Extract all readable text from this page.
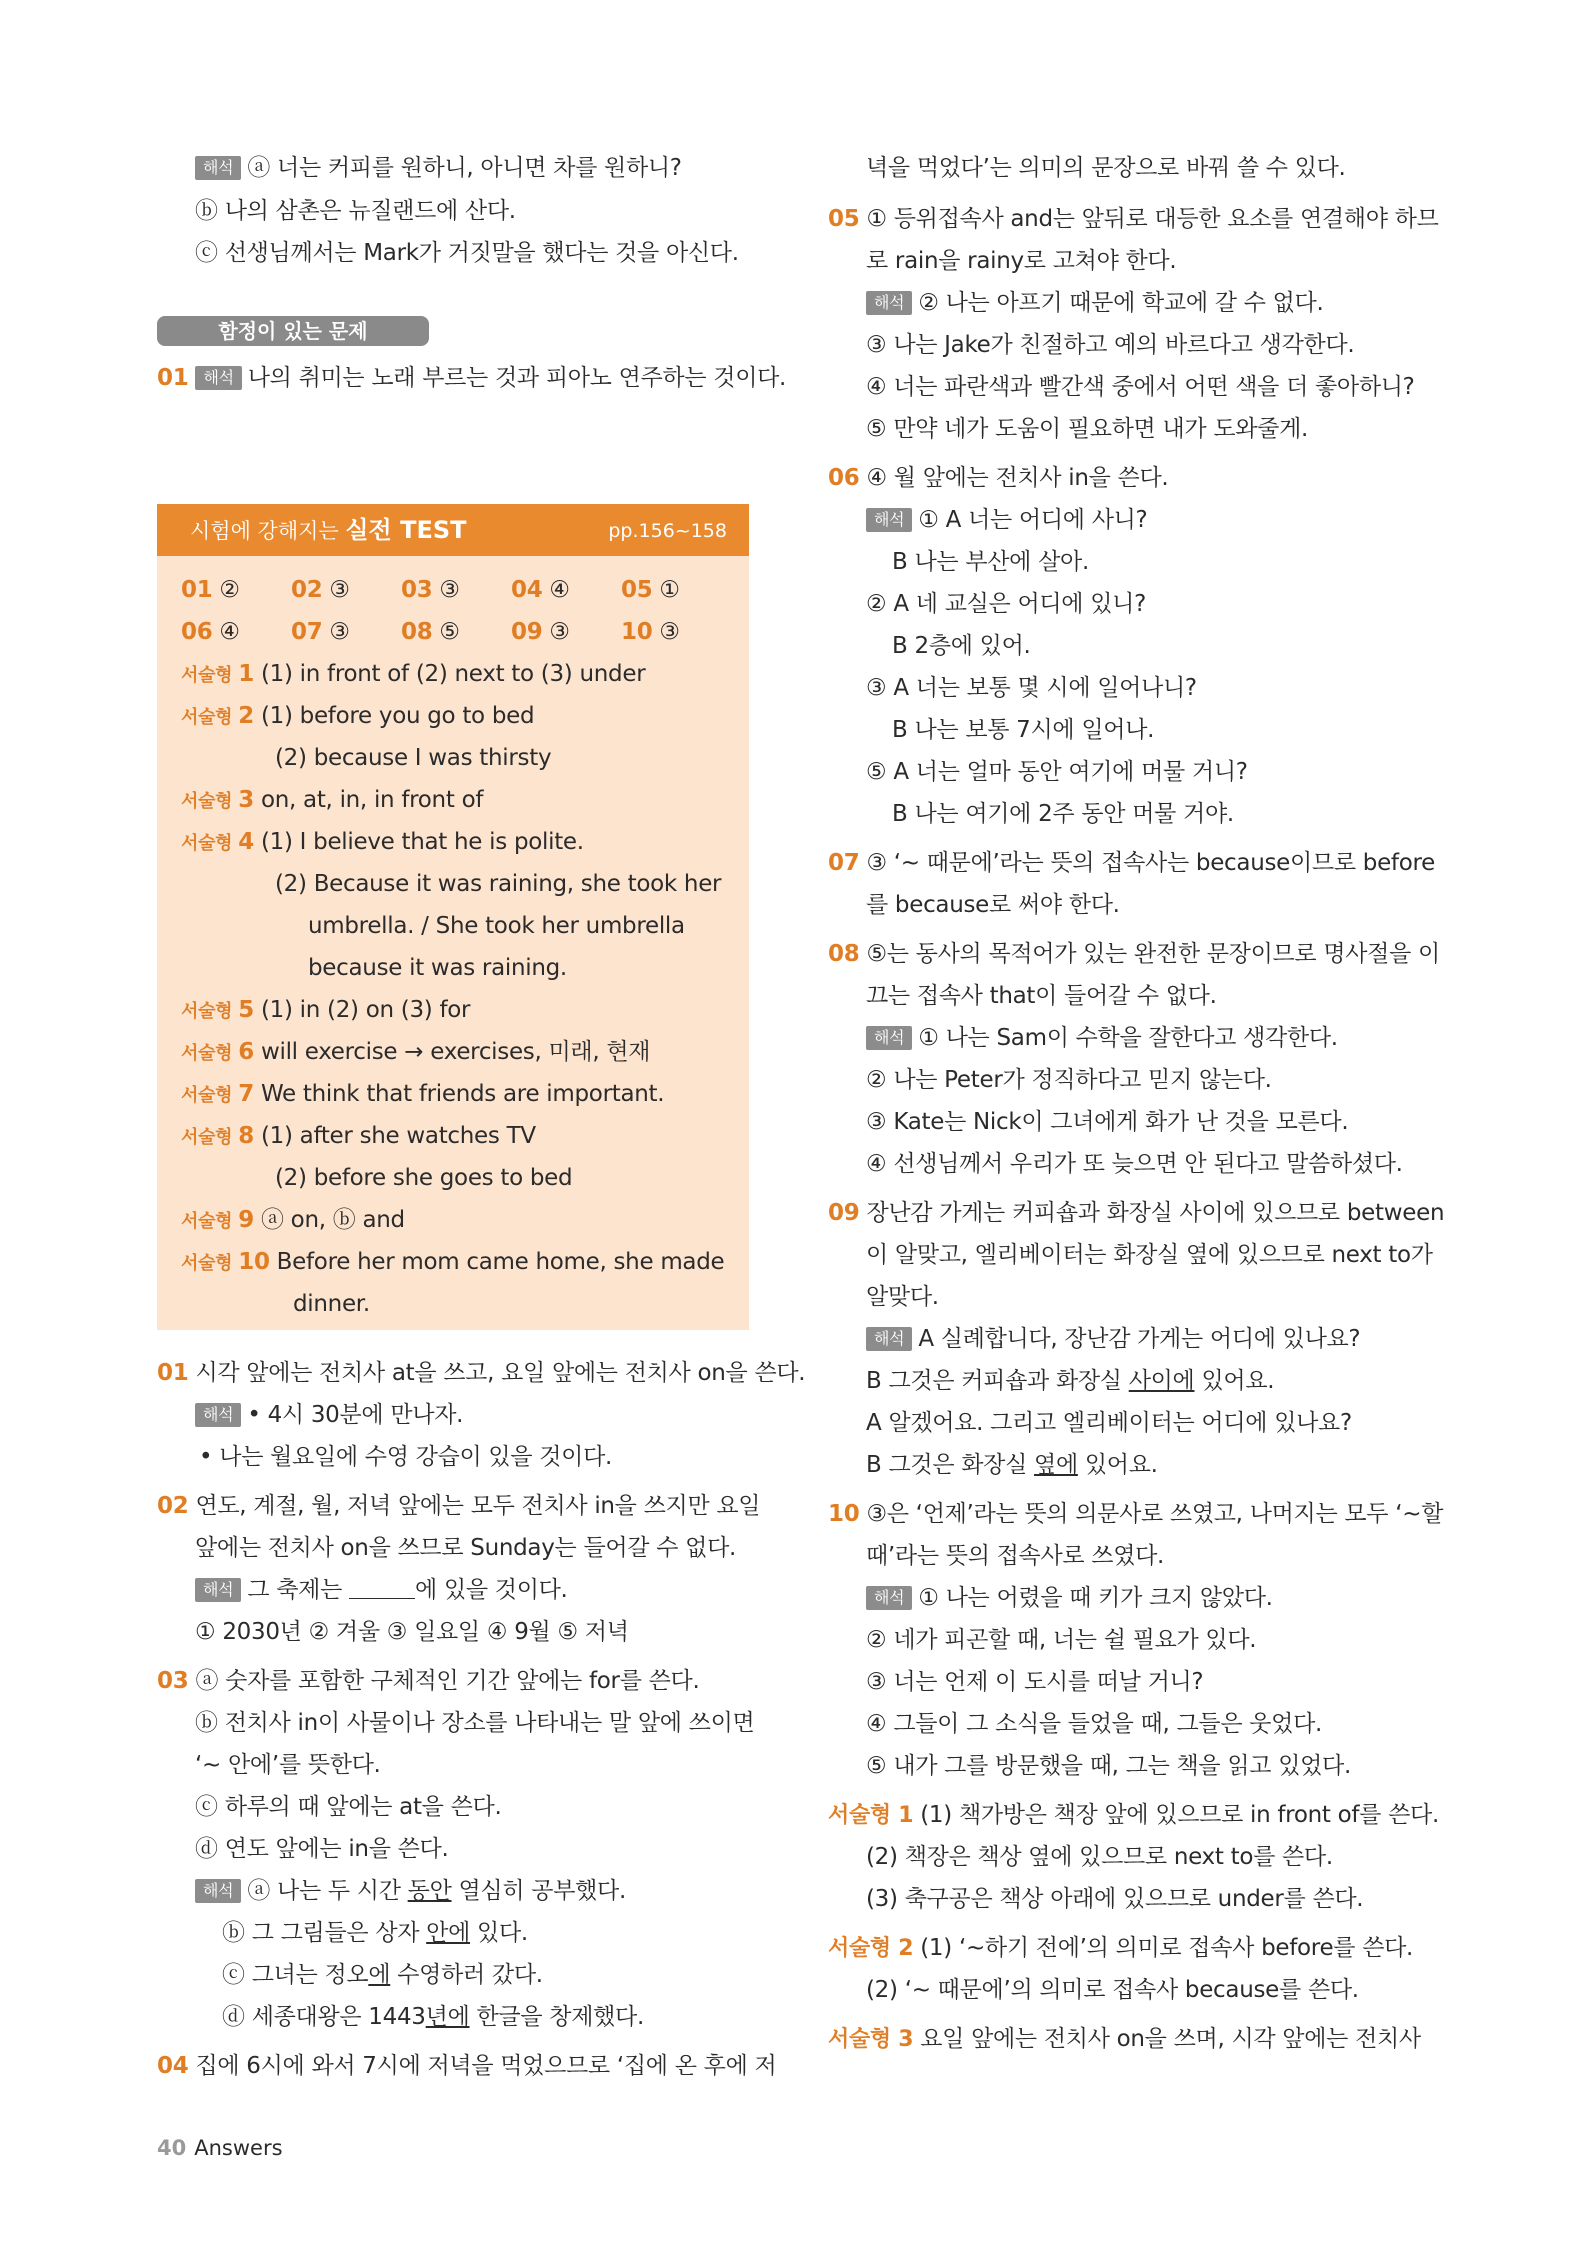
해석 ⓐ 너는 커피를 원하니, 아니면 차를 원하니?
ⓑ 나의 삼촌은 뉴질랜드에 산다.
ⓒ 선생님께서는 Mark가 거짓말을 했다는 것을 아신다.
함정이 있는 문제
01 해석 나의 취미는 노래 부르는 것과 피아노 연주하는 것이다.
시험에 강해지는 실전 TEST	pp.156~158
01 ② 02 ③ 03 ③ 04 ④ 05 ①
06 ④ 07 ③ 08 ⑤ 09 ③ 10 ③
서술형 1 (1) in front of (2) next to (3) under
서술형 2 (1) before you go to bed
(2) because I was thirsty
서술형 3 on, at, in, in front of
서술형 4 (1) I believe that he is polite.
(2) Because it was raining, she took her
umbrella. / She took her umbrella
because it was raining.
서술형 5 (1) in (2) on (3) for
서술형 6 will exercise → exercises, 미래, 현재
서술형 7 We think that friends are important.
서술형 8 (1) after she watches TV
(2) before she goes to bed
서술형 9 ⓐ on, ⓑ and
서술형 10 Before her mom came home, she made
dinner.
01 시각 앞에는 전치사 at을 쓰고, 요일 앞에는 전치사 on을 쓴다.
해석 • 4시 30분에 만나자.
• 나는 월요일에 수영 강습이 있을 것이다.
02 연도, 계절, 월, 저녁 앞에는 모두 전치사 in을 쓰지만 요일
앞에는 전치사 on을 쓰므로 Sunday는 들어갈 수 없다.
해석 그 축제는	에 있을 것이다.
① 2030년 ② 겨울 ③ 일요일 ④ 9월 ⑤ 저녁
03 ⓐ 숫자를 포함한 구체적인 기간 앞에는 for를 쓴다.
ⓑ 전치사 in이 사물이나 장소를 나타내는 말 앞에 쓰이면
‘~ 안에’를 뜻한다.
ⓒ 하루의 때 앞에는 at을 쓴다.
ⓓ 연도 앞에는 in을 쓴다.
해석 ⓐ 나는 두 시간 동안 열심히 공부했다.
ⓑ 그 그림들은 상자 안에 있다.
ⓒ 그녀는 정오에 수영하러 갔다.
ⓓ 세종대왕은 1443년에 한글을 창제했다.
04 집에 6시에 와서 7시에 저녁을 먹었으므로 ‘집에 온 후에 저
녁을 먹었다’는 의미의 문장으로 바꿔 쓸 수 있다.
05 ① 등위접속사 and는 앞뒤로 대등한 요소를 연결해야 하므
로 rain을 rainy로 고쳐야 한다.
해석 ② 나는 아프기 때문에 학교에 갈 수 없다.
③ 나는 Jake가 친절하고 예의 바르다고 생각한다.
④ 너는 파란색과 빨간색 중에서 어떤 색을 더 좋아하니?
⑤ 만약 네가 도움이 필요하면 내가 도와줄게.
06 ④ 월 앞에는 전치사 in을 쓴다.
해석 ① A 너는 어디에 사니?
B 나는 부산에 살아.
② A 네 교실은 어디에 있니?
B 2층에 있어.
③ A 너는 보통 몇 시에 일어나니?
B 나는 보통 7시에 일어나.
⑤ A 너는 얼마 동안 여기에 머물 거니?
B 나는 여기에 2주 동안 머물 거야.
07 ③ ‘~ 때문에’라는 뜻의 접속사는 because이므로 before
를 because로 써야 한다.
08 ⑤는 동사의 목적어가 있는 완전한 문장이므로 명사절을 이
끄는 접속사 that이 들어갈 수 없다.
해석 ① 나는 Sam이 수학을 잘한다고 생각한다.
② 나는 Peter가 정직하다고 믿지 않는다.
③ Kate는 Nick이 그녀에게 화가 난 것을 모른다.
④ 선생님께서 우리가 또 늦으면 안 된다고 말씀하셨다.
09 장난감 가게는 커피숍과 화장실 사이에 있으므로 between
이 알맞고, 엘리베이터는 화장실 옆에 있으므로 next to가
알맞다.
해석 A 실례합니다, 장난감 가게는 어디에 있나요?
B 그것은 커피숍과 화장실 사이에 있어요.
A 알겠어요. 그리고 엘리베이터는 어디에 있나요?
B 그것은 화장실 옆에 있어요.
10 ③은 ‘언제’라는 뜻의 의문사로 쓰였고, 나머지는 모두 ‘~할
때’라는 뜻의 접속사로 쓰였다.
해석 ① 나는 어렸을 때 키가 크지 않았다.
② 네가 피곤할 때, 너는 쉴 필요가 있다.
③ 너는 언제 이 도시를 떠날 거니?
④ 그들이 그 소식을 들었을 때, 그들은 웃었다.
⑤ 내가 그를 방문했을 때, 그는 책을 읽고 있었다.
서술형 1 (1) 책가방은 책장 앞에 있으므로 in front of를 쓴다.
(2) 책장은 책상 옆에 있으므로 next to를 쓴다.
(3) 축구공은 책상 아래에 있으므로 under를 쓴다.
서술형 2 (1) ‘~하기 전에’의 의미로 접속사 before를 쓴다.
(2) ‘~ 때문에’의 의미로 접속사 because를 쓴다.
서술형 3 요일 앞에는 전치사 on을 쓰며, 시각 앞에는 전치사
40 Answers
